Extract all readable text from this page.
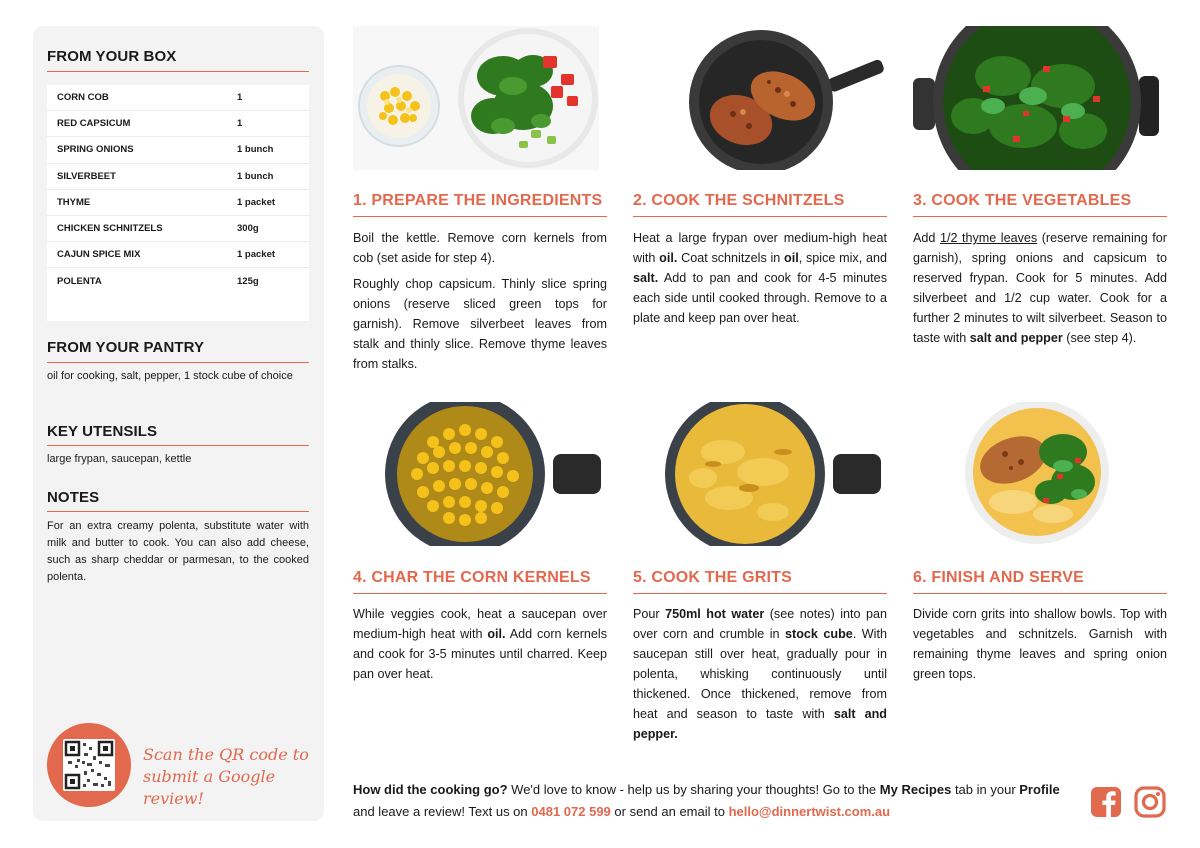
FROM YOUR BOX
CORN COB	1
RED CAPSICUM	1
SPRING ONIONS	1 bunch
SILVERBEET	1 bunch
THYME	1 packet
CHICKEN SCHNITZELS	300g
CAJUN SPICE MIX	1 packet
POLENTA	125g
FROM YOUR PANTRY
oil for cooking, salt, pepper, 1 stock cube of choice
KEY UTENSILS
large frypan, saucepan, kettle
NOTES
For an extra creamy polenta, substitute water with milk and butter to cook. You can also add cheese, such as sharp cheddar or parmesan, to the cooked polenta.
Scan the QR code to
submit a Google review!
1. PREPARE THE INGREDIENTS

Boil the kettle. Remove corn kernels from cob (set aside for step 4).

Roughly chop capsicum. Thinly slice spring onions (reserve sliced green tops for garnish). Remove silverbeet leaves from stalk and thinly slice. Remove thyme leaves from stalks.

2. COOK THE SCHNITZELS

Heat a large frypan over medium-high heat with oil. Coat schnitzels in oil, spice mix, and salt. Add to pan and cook for 4-5 minutes each side until cooked through. Remove to a plate and keep pan over heat.

3. COOK THE VEGETABLES

Add 1/2 thyme leaves (reserve remaining for garnish), spring onions and capsicum to reserved frypan. Cook for 5 minutes. Add silverbeet and 1/2 cup water. Cook for a further 2 minutes to wilt silverbeet. Season to taste with salt and pepper (see step 4).

4. CHAR THE CORN KERNELS

While veggies cook, heat a saucepan over medium-high heat with oil. Add corn kernels and cook for 3-5 minutes until charred. Keep pan over heat.

5. COOK THE GRITS

Pour 750ml hot water (see notes) into pan over corn and crumble in stock cube. With saucepan still over heat, gradually pour in polenta, whisking continuously until thickened. Once thickened, remove from heat and season to taste with salt and pepper.

6. FINISH AND SERVE

Divide corn grits into shallow bowls. Top with vegetables and schnitzels. Garnish with remaining thyme leaves and spring onion green tops.

How did the cooking go? We'd love to know - help us by sharing your thoughts! Go to the My Recipes tab in your Profile and leave a review! Text us on 0481 072 599 or send an email to hello@dinnertwist.com.au
